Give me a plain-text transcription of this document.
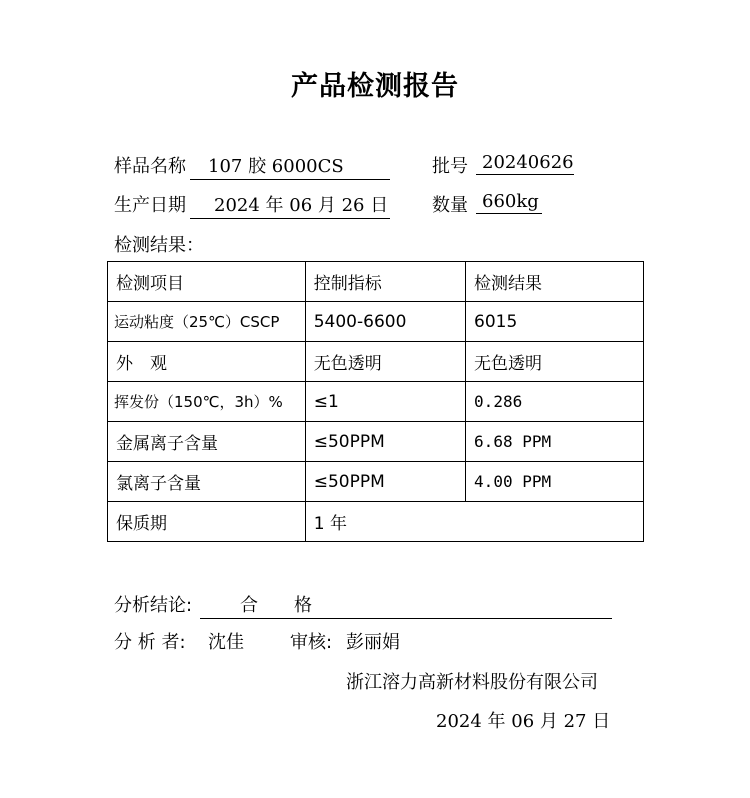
产品检测报告
样品名称	107 胶 6000CS	批号 20240626
生产日期	2024 年 06 月 26 日 数量 660kg
检测结果：
检测项目	控制指标	检测结果
运动粘度（25℃）CSCP	5400-6600	6015
外　观	无色透明	无色透明
挥发份（150℃，3h）%	≤1	0.286
金属离子含量	≤50PPM	6.68 PPM
氯离子含量	≤50PPM	4.00 PPM
保质期	1 年	
分析结论:	合　　格
分 析 者: 沈佳	审核: 彭丽娟
浙江溶力高新材料股份有限公司
2024 年 06 月 27 日
